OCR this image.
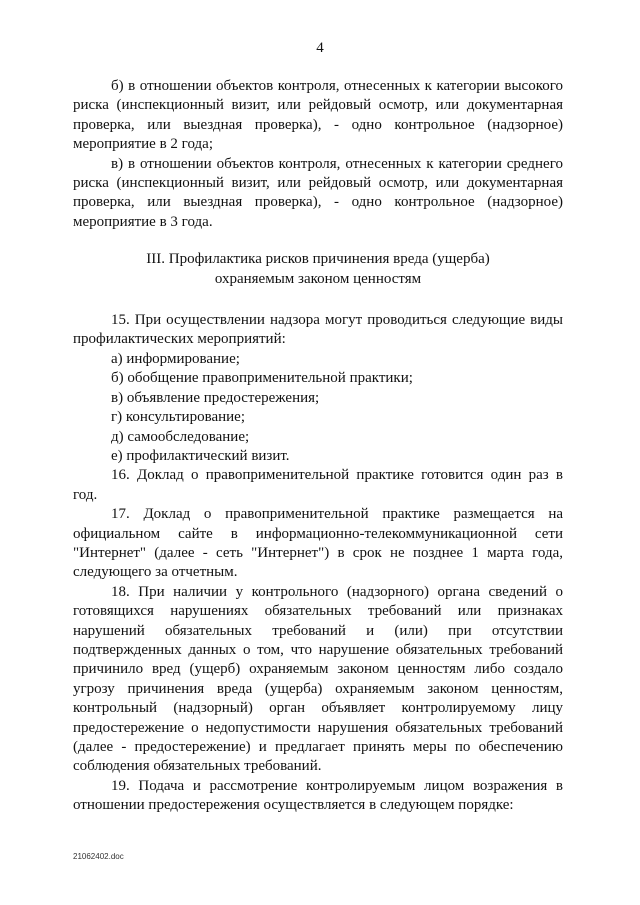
4

б) в отношении объектов контроля, отнесенных к категории высокого риска (инспекционный визит, или рейдовый осмотр, или документарная проверка, или выездная проверка), - одно контрольное (надзорное) мероприятие в 2 года;

в) в отношении объектов контроля, отнесенных к категории среднего риска (инспекционный визит, или рейдовый осмотр, или документарная проверка, или выездная проверка), - одно контрольное (надзорное) мероприятие в 3 года.

III. Профилактика рисков причинения вреда (ущерба)
охраняемым законом ценностям

15. При осуществлении надзора могут проводиться следующие виды профилактических мероприятий:

а) информирование;

б) обобщение правоприменительной практики;

в) объявление предостережения;

г) консультирование;

д) самообследование;

е) профилактический визит.

16. Доклад о правоприменительной практике готовится один раз в год.

17. Доклад о правоприменительной практике размещается на официальном сайте в информационно-телекоммуникационной сети "Интернет" (далее - сеть "Интернет") в срок не позднее 1 марта года, следующего за отчетным.

18. При наличии у контрольного (надзорного) органа сведений о готовящихся нарушениях обязательных требований или признаках нарушений обязательных требований и (или) при отсутствии подтвержденных данных о том, что нарушение обязательных требований причинило вред (ущерб) охраняемым законом ценностям либо создало угрозу причинения вреда (ущерба) охраняемым законом ценностям, контрольный (надзорный) орган объявляет контролируемому лицу предостережение о недопустимости нарушения обязательных требований (далее - предостережение) и предлагает принять меры по обеспечению соблюдения обязательных требований.

19. Подача и рассмотрение контролируемым лицом возражения в отношении предостережения осуществляется в следующем порядке:

21062402.doc
